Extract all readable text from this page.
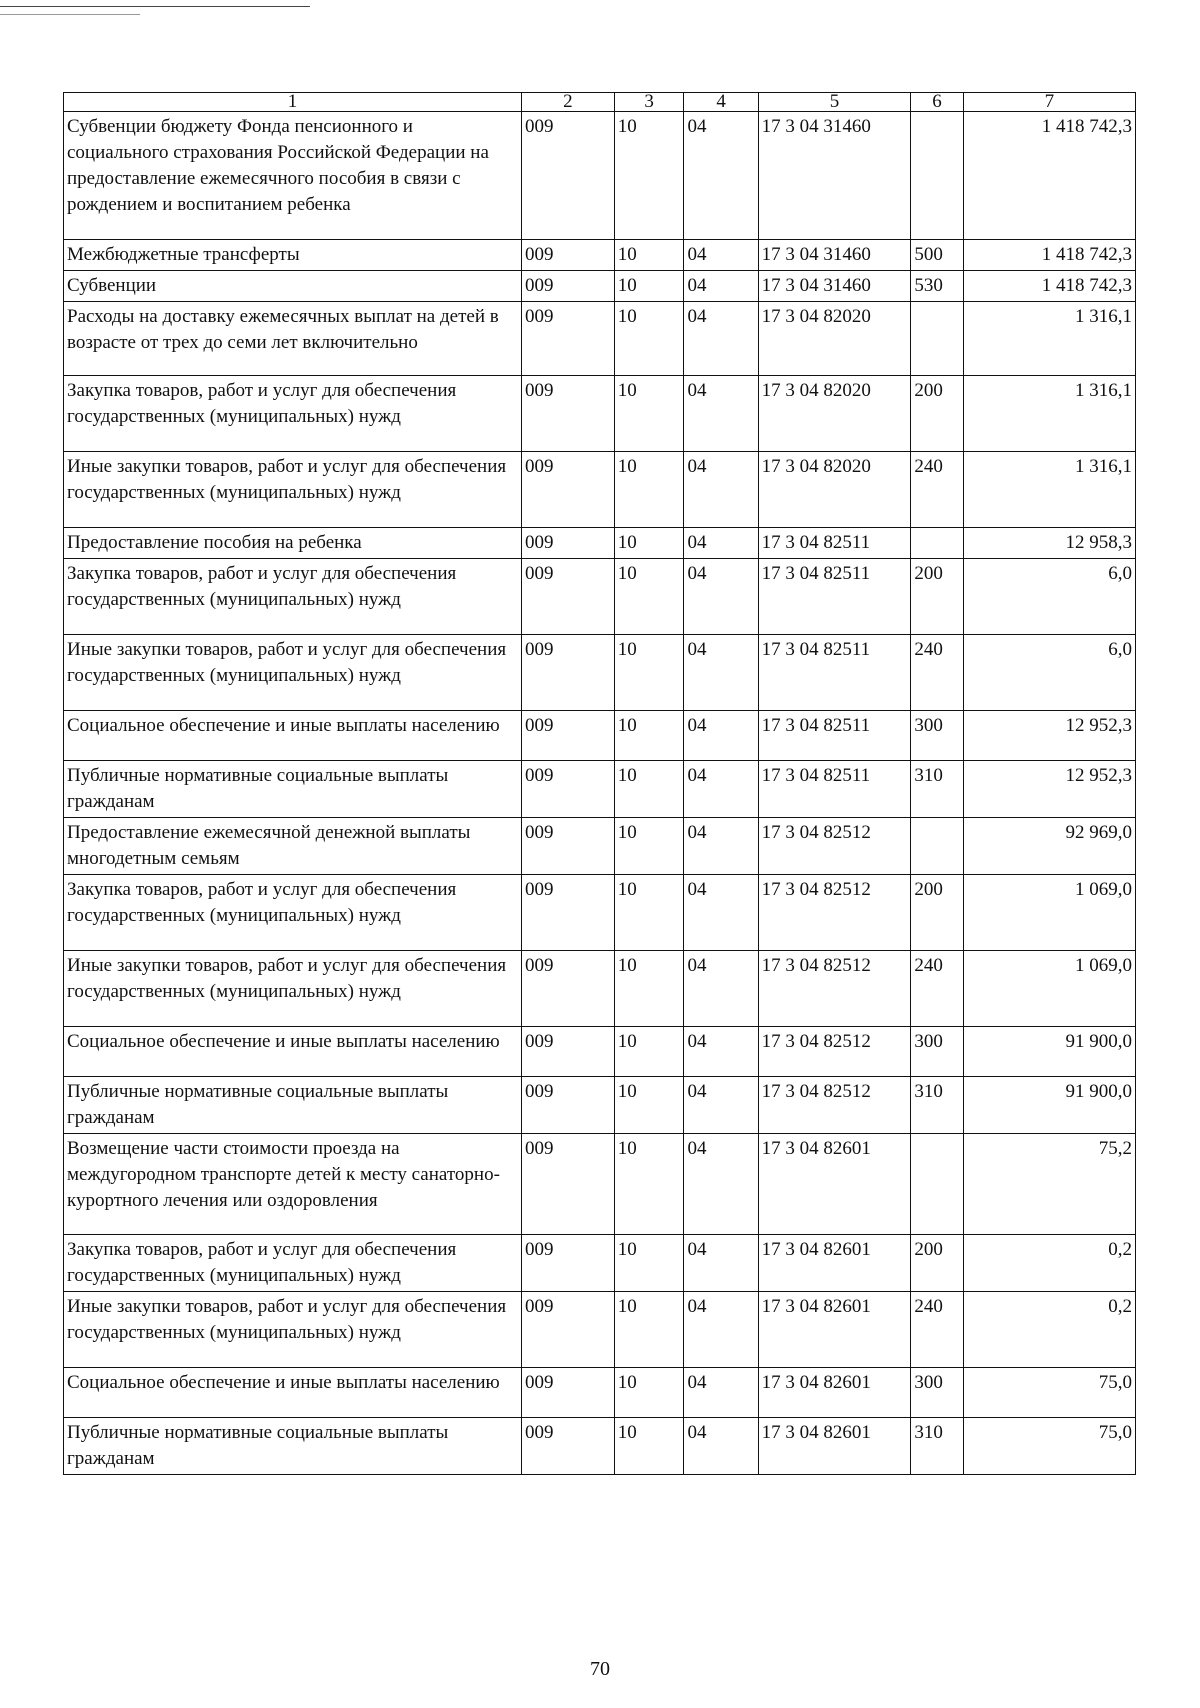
1	2	3	4	5	6	7
Субвенции бюджету Фонда пенсионного и социального страхования Российской Федерации на предоставление ежемесячного пособия в связи с рождением и воспитанием ребенка	009	10	04	17 3 04 31460		1 418 742,3
Межбюджетные трансферты	009	10	04	17 3 04 31460	500	1 418 742,3
Субвенции	009	10	04	17 3 04 31460	530	1 418 742,3
Расходы на доставку ежемесячных выплат на детей в возрасте от трех до семи лет включительно	009	10	04	17 3 04 82020		1 316,1
Закупка товаров, работ и услуг для обеспечения государственных (муниципальных) нужд	009	10	04	17 3 04 82020	200	1 316,1
Иные закупки товаров, работ и услуг для обеспечения государственных (муниципальных) нужд	009	10	04	17 3 04 82020	240	1 316,1
Предоставление пособия на ребенка	009	10	04	17 3 04 82511		12 958,3
Закупка товаров, работ и услуг для обеспечения государственных (муниципальных) нужд	009	10	04	17 3 04 82511	200	6,0
Иные закупки товаров, работ и услуг для обеспечения государственных (муниципальных) нужд	009	10	04	17 3 04 82511	240	6,0
Социальное обеспечение и иные выплаты населению	009	10	04	17 3 04 82511	300	12 952,3
Публичные нормативные социальные выплаты гражданам	009	10	04	17 3 04 82511	310	12 952,3
Предоставление ежемесячной денежной выплаты многодетным семьям	009	10	04	17 3 04 82512		92 969,0
Закупка товаров, работ и услуг для обеспечения государственных (муниципальных) нужд	009	10	04	17 3 04 82512	200	1 069,0
Иные закупки товаров, работ и услуг для обеспечения государственных (муниципальных) нужд	009	10	04	17 3 04 82512	240	1 069,0
Социальное обеспечение и иные выплаты населению	009	10	04	17 3 04 82512	300	91 900,0
Публичные нормативные социальные выплаты гражданам	009	10	04	17 3 04 82512	310	91 900,0
Возмещение части стоимости проезда на междугородном транспорте детей к месту санаторно-курортного лечения или оздоровления	009	10	04	17 3 04 82601		75,2
Закупка товаров, работ и услуг для обеспечения государственных (муниципальных) нужд	009	10	04	17 3 04 82601	200	0,2
Иные закупки товаров, работ и услуг для обеспечения государственных (муниципальных) нужд	009	10	04	17 3 04 82601	240	0,2
Социальное обеспечение и иные выплаты населению	009	10	04	17 3 04 82601	300	75,0
Публичные нормативные социальные выплаты гражданам	009	10	04	17 3 04 82601	310	75,0
70
